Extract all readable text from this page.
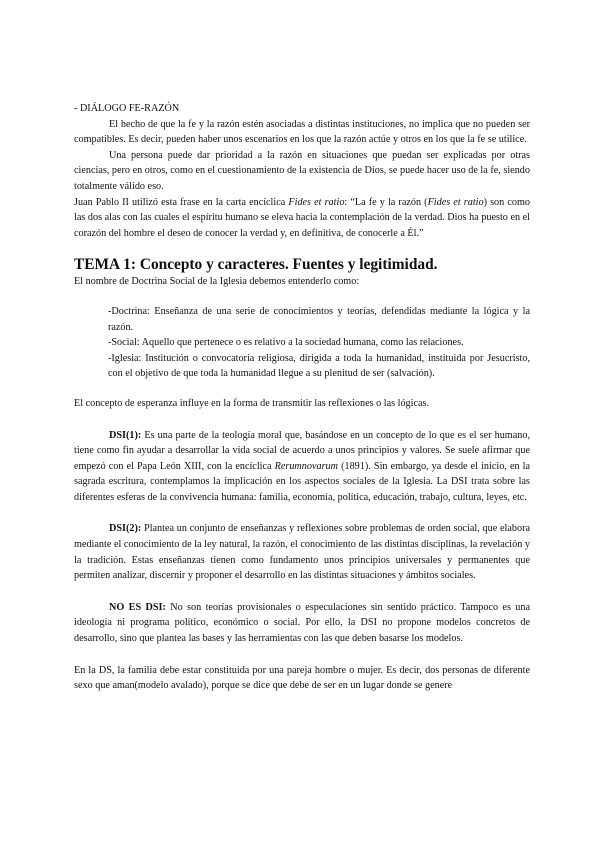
- DIÁLOGO FE-RAZÓN

El hecho de que la fe y la razón estén asociadas a distintas instituciones, no implica que no pueden ser compatibles. Es decir, pueden haber unos escenarios en los que la razón actúe y otros en los que la fe se utilice.

Una persona puede dar prioridad a la razón en situaciones que puedan ser explicadas por otras ciencias, pero en otros, como en el cuestionamiento de la existencia de Dios, se puede hacer uso de la fe, siendo totalmente válido eso.

Juan Pablo II utilizó esta frase en la carta encíclica Fides et ratio: “La fe y la razón (Fides et ratio) son como las dos alas con las cuales el espíritu humano se eleva hacia la contemplación de la verdad. Dios ha puesto en el corazón del hombre el deseo de conocer la verdad y, en definitiva, de conocerle a Él.”

TEMA 1: Concepto y caracteres. Fuentes y legitimidad.

El nombre de Doctrina Social de la Iglesia debemos entenderlo como:

-Doctrina: Enseñanza de una serie de conocimientos y teorías, defendidas mediante la lógica y la razón.

-Social: Aquello que pertenece o es relativo a la sociedad humana, como las relaciones.

-Iglesia: Institución o convocatoria religiosa, dirigida a toda la humanidad, instituida por Jesucristo, con el objetivo de que toda la humanidad llegue a su plenitud de ser (salvación).

El concepto de esperanza influye en la forma de transmitir las reflexiones o las lógicas.

DSI(1): Es una parte de la teología moral que, basándose en un concepto de lo que es el ser humano, tiene como fin ayudar a desarrollar la vida social de acuerdo a unos principios y valores. Se suele afirmar que empezó con el Papa León XIII, con la encíclica Rerumnovarum (1891). Sin embargo, ya desde el inicio, en la sagrada escritura, contemplamos la implicación en los aspectos sociales de la Iglesia. La DSI trata sobre las diferentes esferas de la convivencia humana: familia, economía, política, educación, trabajo, cultura, leyes, etc.

DSI(2): Plantea un conjunto de enseñanzas y reflexiones sobre problemas de orden social, que elabora mediante el conocimiento de la ley natural, la razón, el conocimiento de las distintas disciplinas, la revelación y la tradición. Estas enseñanzas tienen como fundamento unos principios universales y permanentes que permiten analizar, discernir y proponer el desarrollo en las distintas situaciones y ámbitos sociales.

NO ES DSI: No son teorías provisionales o especulaciones sin sentido práctico. Tampoco es una ideología ni programa político, económico o social. Por ello, la DSI no propone modelos concretos de desarrollo, sino que plantea las bases y las herramientas con las que deben basarse los modelos.

En la DS, la familia debe estar constituida por una pareja hombre o mujer. Es decir, dos personas de diferente sexo que aman(modelo avalado), porque se dice que debe de ser en un lugar donde se genere
